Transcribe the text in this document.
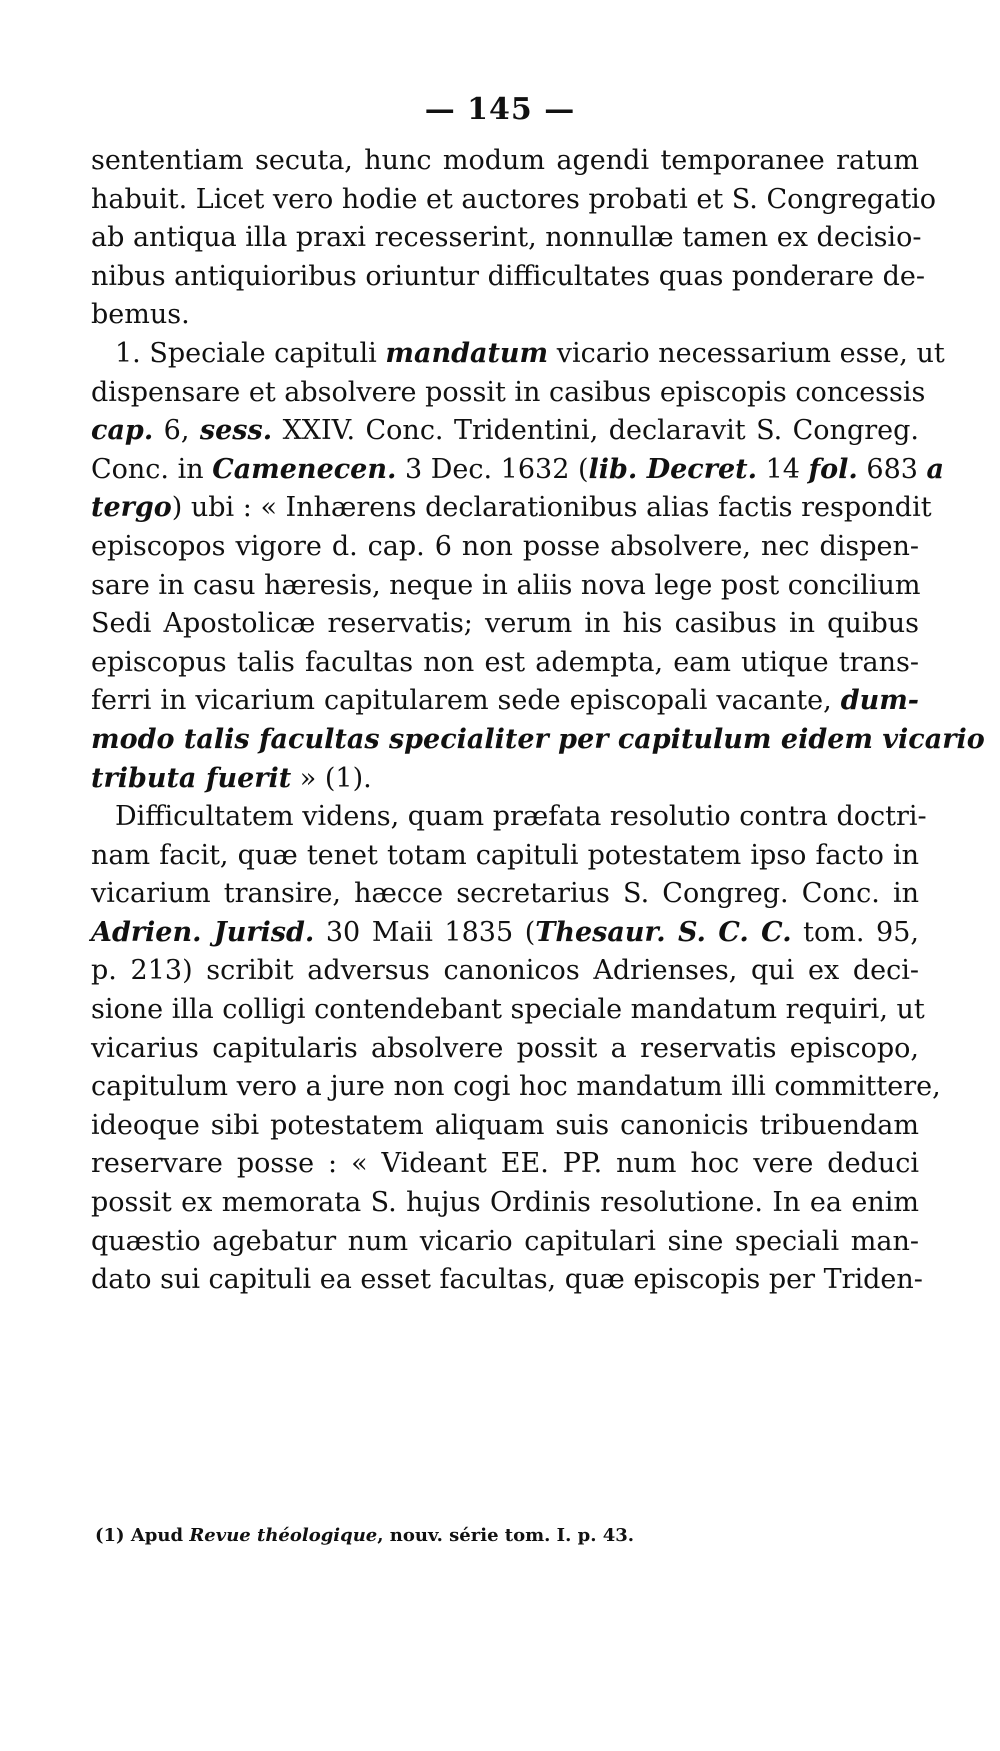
— 145 —
sententiam secuta, hunc modum agendi temporanee ratum
habuit. Licet vero hodie et auctores probati et S. Congregatio
ab antiqua illa praxi recesserint, nonnullæ tamen ex decisio-
nibus antiquioribus oriuntur difficultates quas ponderare de-
bemus.
1. Speciale capituli mandatum vicario necessarium esse, ut
dispensare et absolvere possit in casibus episcopis concessis
cap. 6, sess. XXIV. Conc. Tridentini, declaravit S. Congreg.
Conc. in Camenecen. 3 Dec. 1632 (lib. Decret. 14 fol. 683 a
tergo) ubi : « Inhærens declarationibus alias factis respondit
episcopos vigore d. cap. 6 non posse absolvere, nec dispen-
sare in casu hæresis, neque in aliis nova lege post concilium
Sedi Apostolicæ reservatis; verum in his casibus in quibus
episcopus talis facultas non est adempta, eam utique trans-
ferri in vicarium capitularem sede episcopali vacante, dum-
modo talis facultas specialiter per capitulum eidem vicario
tributa fuerit » (1).
Difficultatem videns, quam præfata resolutio contra doctri-
nam facit, quæ tenet totam capituli potestatem ipso facto in
vicarium transire, hæcce secretarius S. Congreg. Conc. in
Adrien. Jurisd. 30 Maii 1835 (Thesaur. S. C. C. tom. 95,
p. 213) scribit adversus canonicos Adrienses, qui ex deci-
sione illa colligi contendebant speciale mandatum requiri, ut
vicarius capitularis absolvere possit a reservatis episcopo,
capitulum vero a jure non cogi hoc mandatum illi committere,
ideoque sibi potestatem aliquam suis canonicis tribuendam
reservare posse : « Videant EE. PP. num hoc vere deduci
possit ex memorata S. hujus Ordinis resolutione. In ea enim
quæstio agebatur num vicario capitulari sine speciali man-
dato sui capituli ea esset facultas, quæ episcopis per Triden-
(1) Apud Revue théologique, nouv. série tom. I. p. 43.
